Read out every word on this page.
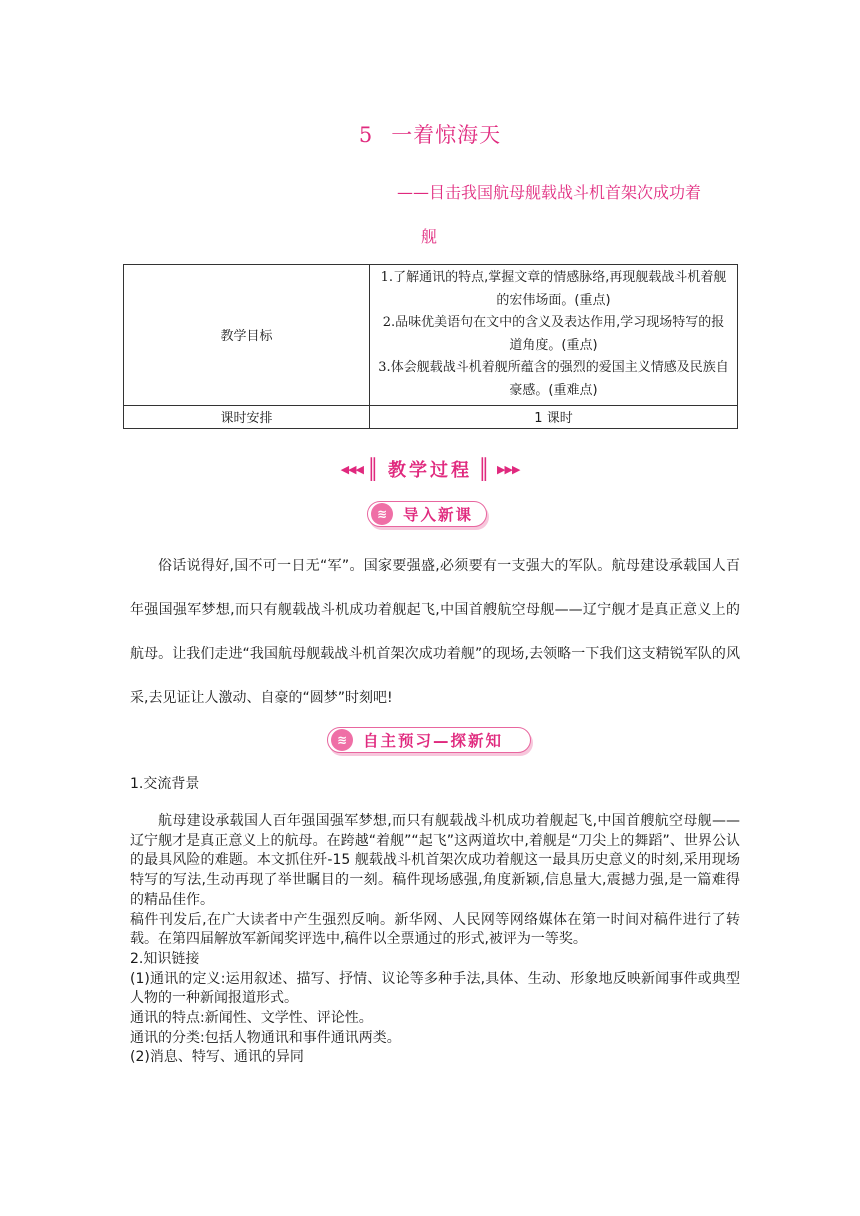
5 一着惊海天
——目击我国航母舰载战斗机首架次成功着
舰
教学目标	1.了解通讯的特点,掌握文章的情感脉络,再现舰载战斗机着舰的宏伟场面。(重点)
2.品味优美语句在文中的含义及表达作用,学习现场特写的报道角度。(重点)
3.体会舰载战斗机着舰所蕴含的强烈的爱国主义情感及民族自豪感。(重难点)

课时安排	1 课时
◀◀◀ ║ 教学过程 ║ ▶▶▶
≋	导入新课
俗话说得好,国不可一日无“军”。国家要强盛,必须要有一支强大的军队。航母建设承载国人百年强国强军梦想,而只有舰载战斗机成功着舰起飞,中国首艘航空母舰——辽宁舰才是真正意义上的航母。让我们走进“我国航母舰载战斗机首架次成功着舰”的现场,去领略一下我们这支精锐军队的风采,去见证让人激动、自豪的“圆梦”时刻吧!
≋	自主预习—探新知
1.交流背景

航母建设承载国人百年强国强军梦想,而只有舰载战斗机成功着舰起飞,中国首艘航空母舰——辽宁舰才是真正意义上的航母。在跨越“着舰”“起飞”这两道坎中,着舰是“刀尖上的舞蹈”、世界公认的最具风险的难题。本文抓住歼-15 舰载战斗机首架次成功着舰这一最具历史意义的时刻,采用现场特写的写法,生动再现了举世瞩目的一刻。稿件现场感强,角度新颖,信息量大,震撼力强,是一篇难得的精品佳作。

稿件刊发后,在广大读者中产生强烈反响。新华网、人民网等网络媒体在第一时间对稿件进行了转载。在第四届解放军新闻奖评选中,稿件以全票通过的形式,被评为一等奖。

2.知识链接

(1)通讯的定义:运用叙述、描写、抒情、议论等多种手法,具体、生动、形象地反映新闻事件或典型人物的一种新闻报道形式。

通讯的特点:新闻性、文学性、评论性。

通讯的分类:包括人物通讯和事件通讯两类。

(2)消息、特写、通讯的异同
